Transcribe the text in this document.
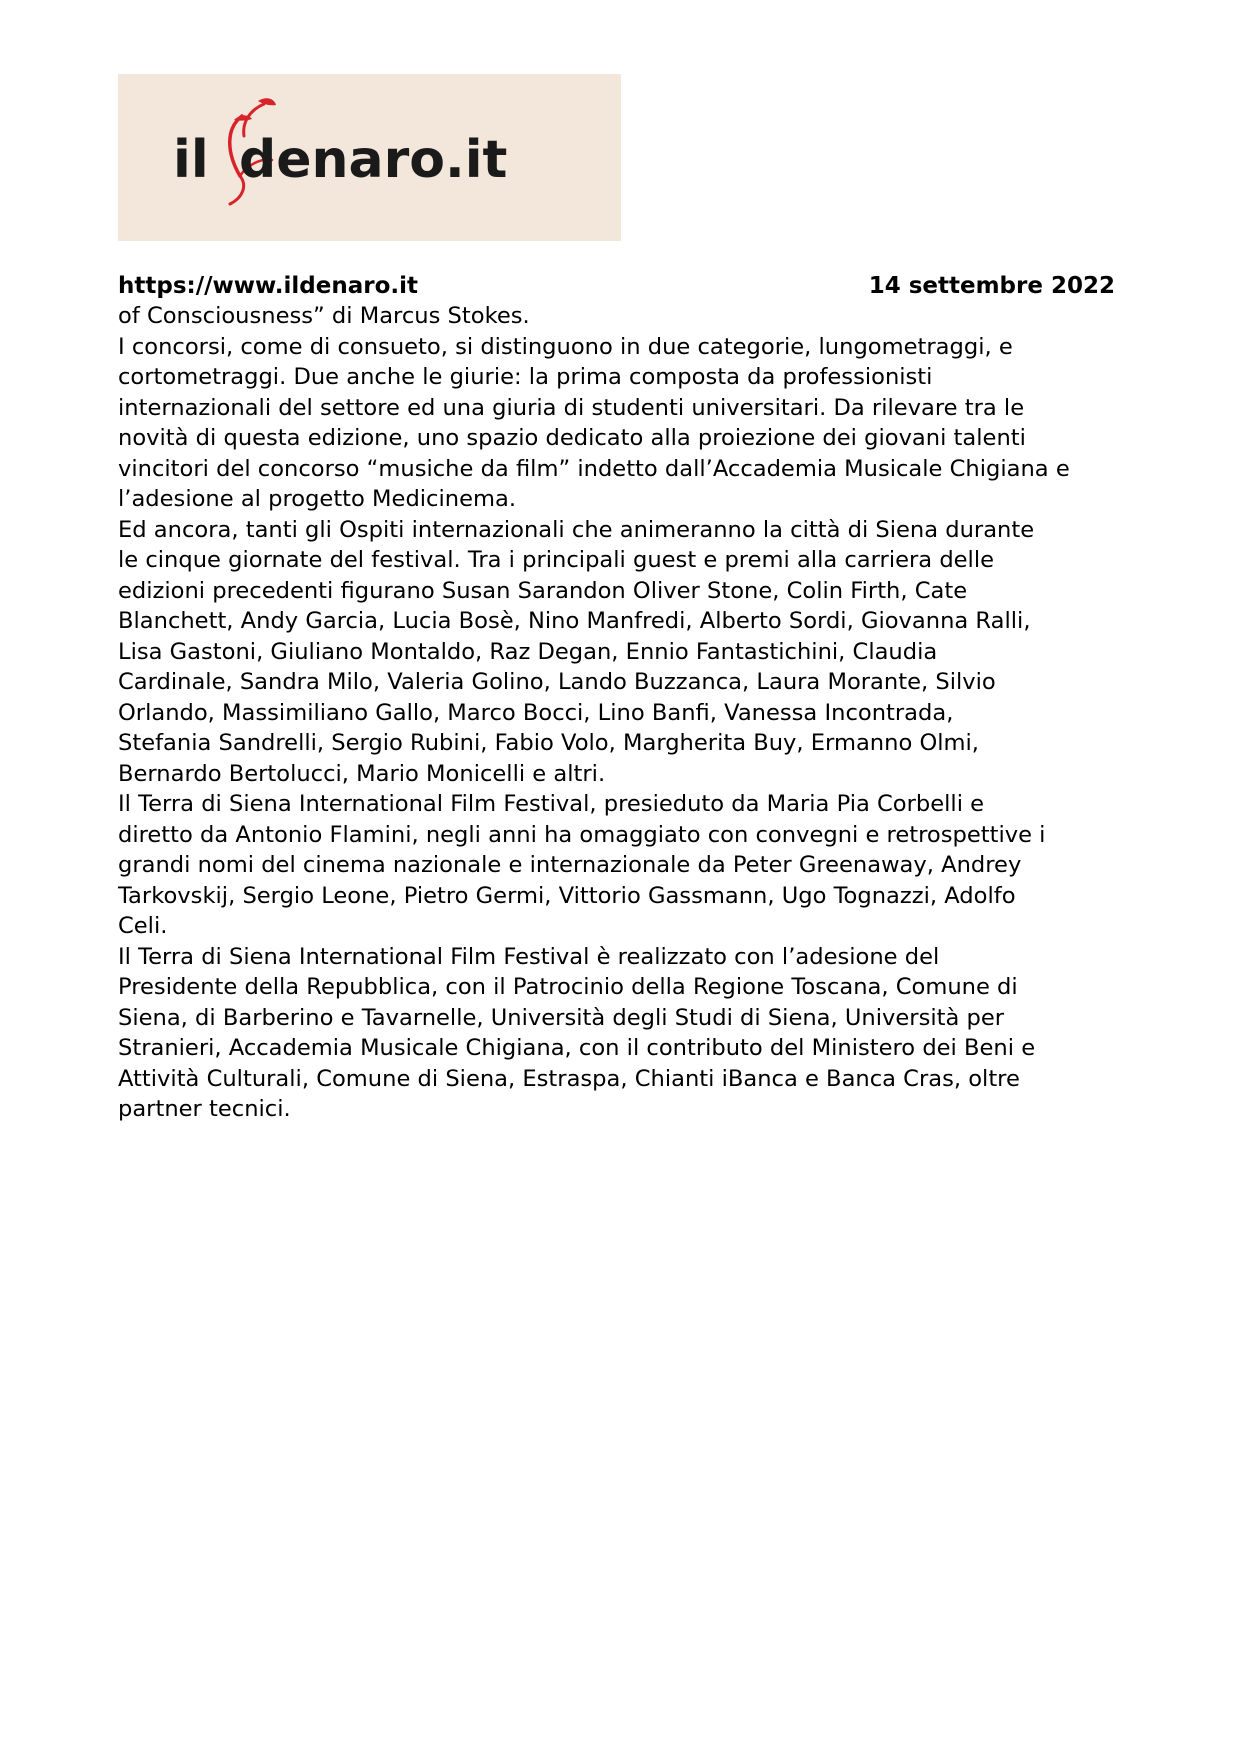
il denaro.it
https://www.ildenaro.it	14 settembre 2022
of Consciousness” di Marcus Stokes.
I concorsi, come di consueto, si distinguono in due categorie, lungometraggi, e
cortometraggi. Due anche le giurie: la prima composta da professionisti
internazionali del settore ed una giuria di studenti universitari. Da rilevare tra le
novità di questa edizione, uno spazio dedicato alla proiezione dei giovani talenti
vincitori del concorso “musiche da film” indetto dall’Accademia Musicale Chigiana e
l’adesione al progetto Medicinema.
Ed ancora, tanti gli Ospiti internazionali che animeranno la città di Siena durante
le cinque giornate del festival. Tra i principali guest e premi alla carriera delle
edizioni precedenti figurano Susan Sarandon Oliver Stone, Colin Firth, Cate
Blanchett, Andy Garcia, Lucia Bosè, Nino Manfredi, Alberto Sordi, Giovanna Ralli,
Lisa Gastoni, Giuliano Montaldo, Raz Degan, Ennio Fantastichini, Claudia
Cardinale, Sandra Milo, Valeria Golino, Lando Buzzanca, Laura Morante, Silvio
Orlando, Massimiliano Gallo, Marco Bocci, Lino Banfi, Vanessa Incontrada,
Stefania Sandrelli, Sergio Rubini, Fabio Volo, Margherita Buy, Ermanno Olmi,
Bernardo Bertolucci, Mario Monicelli e altri.
Il Terra di Siena International Film Festival, presieduto da Maria Pia Corbelli e
diretto da Antonio Flamini, negli anni ha omaggiato con convegni e retrospettive i
grandi nomi del cinema nazionale e internazionale da Peter Greenaway, Andrey
Tarkovskij, Sergio Leone, Pietro Germi, Vittorio Gassmann, Ugo Tognazzi, Adolfo
Celi.
Il Terra di Siena International Film Festival è realizzato con l’adesione del
Presidente della Repubblica, con il Patrocinio della Regione Toscana, Comune di
Siena, di Barberino e Tavarnelle, Università degli Studi di Siena, Università per
Stranieri, Accademia Musicale Chigiana, con il contributo del Ministero dei Beni e
Attività Culturali, Comune di Siena, Estraspa, Chianti iBanca e Banca Cras, oltre
partner tecnici.
